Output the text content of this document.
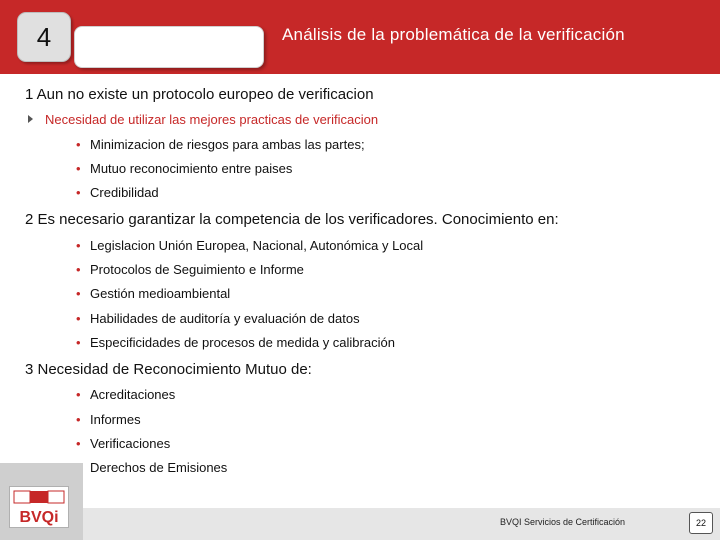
4	Análisis de la problemática de la verificación
1 Aun no existe un protocolo europeo de verificacion
Necesidad de utilizar las mejores practicas de verificacion
• Minimizacion de riesgos para ambas las partes;
• Mutuo reconocimiento entre paises
• Credibilidad
2 Es necesario garantizar la competencia de los verificadores. Conocimiento en:
• Legislacion Unión Europea, Nacional, Autonómica y Local
• Protocolos de Seguimiento e Informe
• Gestión medioambiental
• Habilidades de auditoría y evaluación de datos
• Especificidades de procesos de medida y calibración
3 Necesidad de Reconocimiento Mutuo de:
• Acreditaciones
• Informes
• Verificaciones
Derechos de Emisiones
BVQi	BVQI Servicios de Certificación	22
